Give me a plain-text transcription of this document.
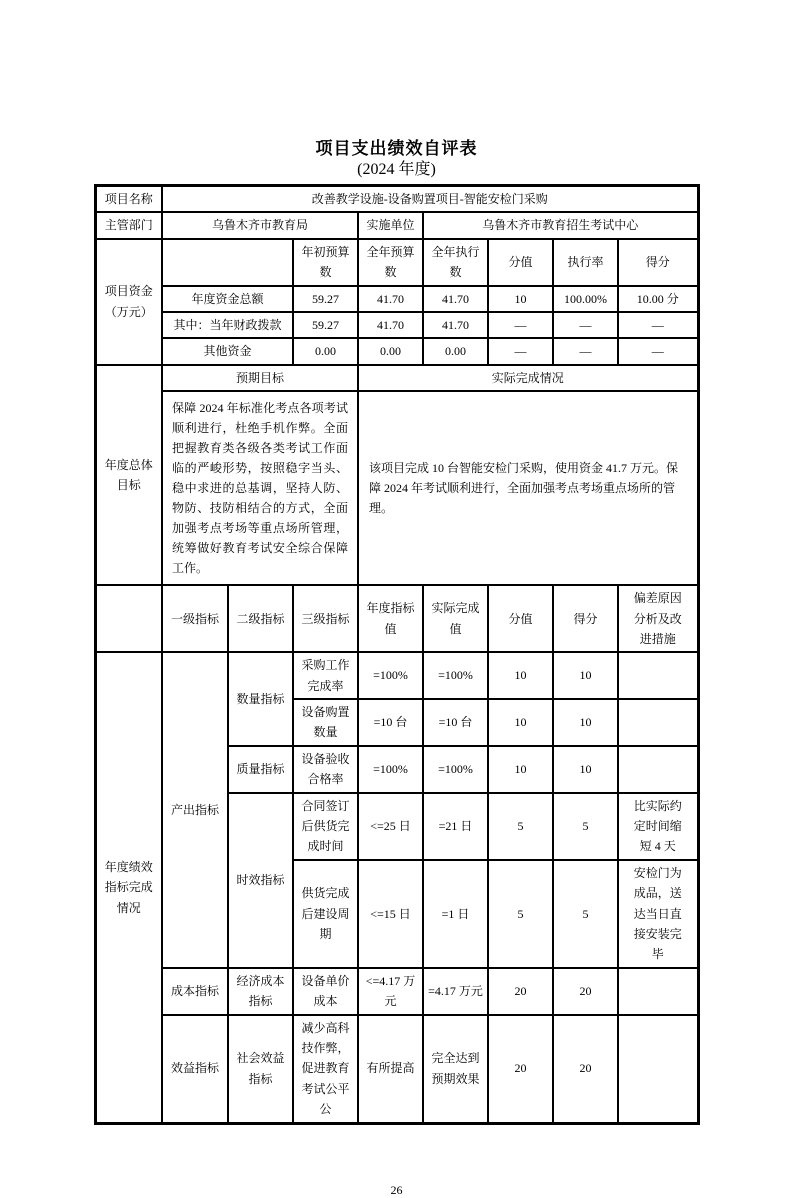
项目支出绩效自评表
(2024 年度)
项目名称	改善教学设施-设备购置项目-智能安检门采购							
主管部门	乌鲁木齐市教育局			实施单位	乌鲁木齐市教育招生考试中心			
项目资金（万元）			年初预算数	全年预算数	全年执行数	分值	执行率	得分
	年度资金总额		59.27	41.70	41.70	10	100.00%	10.00 分
	其中：当年财政拨款		59.27	41.70	41.70	—	—	—
	其他资金		0.00	0.00	0.00	—	—	—
年度总体目标	预期目标			实际完成情况				
	保障 2024 年标准化考点各项考试顺利进行，杜绝手机作弊。全面把握教育类各级各类考试工作面临的严峻形势，按照稳字当头、稳中求进的总基调，坚持人防、物防、技防相结合的方式，全面加强考点考场等重点场所管理，统筹做好教育考试安全综合保障工作。			该项目完成 10 台智能安检门采购，使用资金 41.7 万元。保障 2024 年考试顺利进行，全面加强考点考场重点场所的管理。				
	一级指标	二级指标	三级指标	年度指标值	实际完成值	分值	得分	偏差原因分析及改进措施
年度绩效指标完成情况	产出指标	数量指标	采购工作完成率	=100%	=100%	10	10	
			设备购置数量	=10 台	=10 台	10	10	
		质量指标	设备验收合格率	=100%	=100%	10	10	
		时效指标	合同签订后供货完成时间	<=25 日	=21 日	5	5	比实际约定时间缩短 4 天
			供货完成后建设周期	<=15 日	=1 日	5	5	安检门为成品，送达当日直接安装完毕
	成本指标	经济成本指标	设备单价成本	<=4.17 万元	=4.17 万元	20	20	
	效益指标	社会效益指标	减少高科技作弊，促进教育考试公平公	有所提高	完全达到预期效果	20	20	
26
